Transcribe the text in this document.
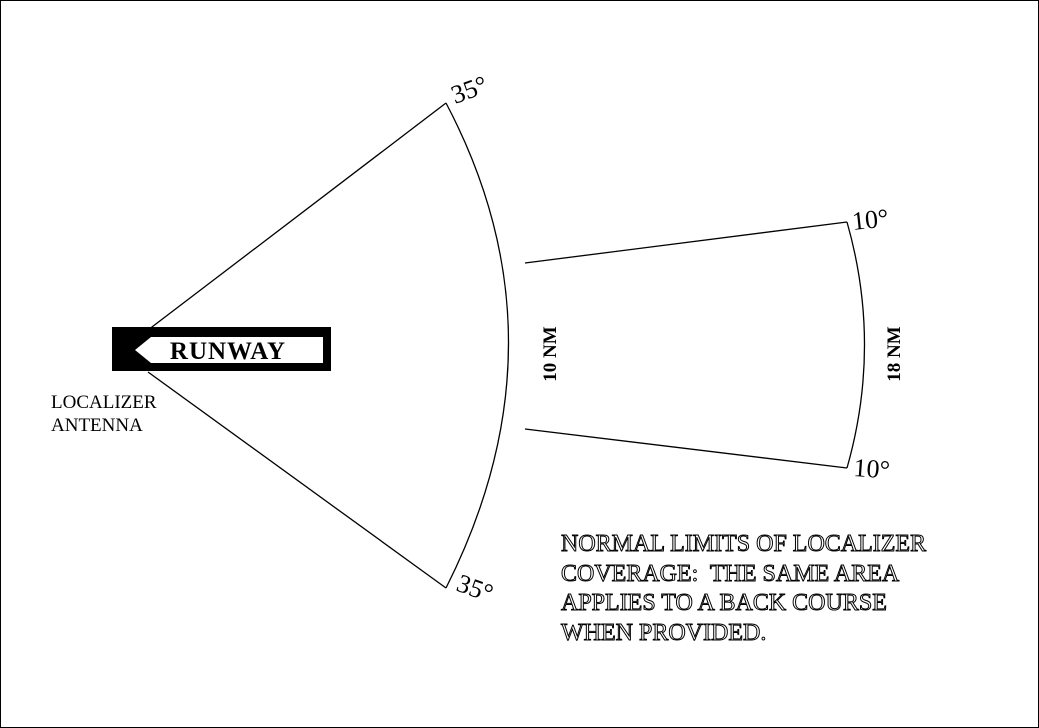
35°
35°
10°
10°
10 NM	18 NM
RUNWAY
LOCALIZER
ANTENNA
NORMAL LIMITS OF LOCALIZER
COVERAGE:  THE SAME AREA
APPLIES TO A BACK COURSE
WHEN PROVIDED.
